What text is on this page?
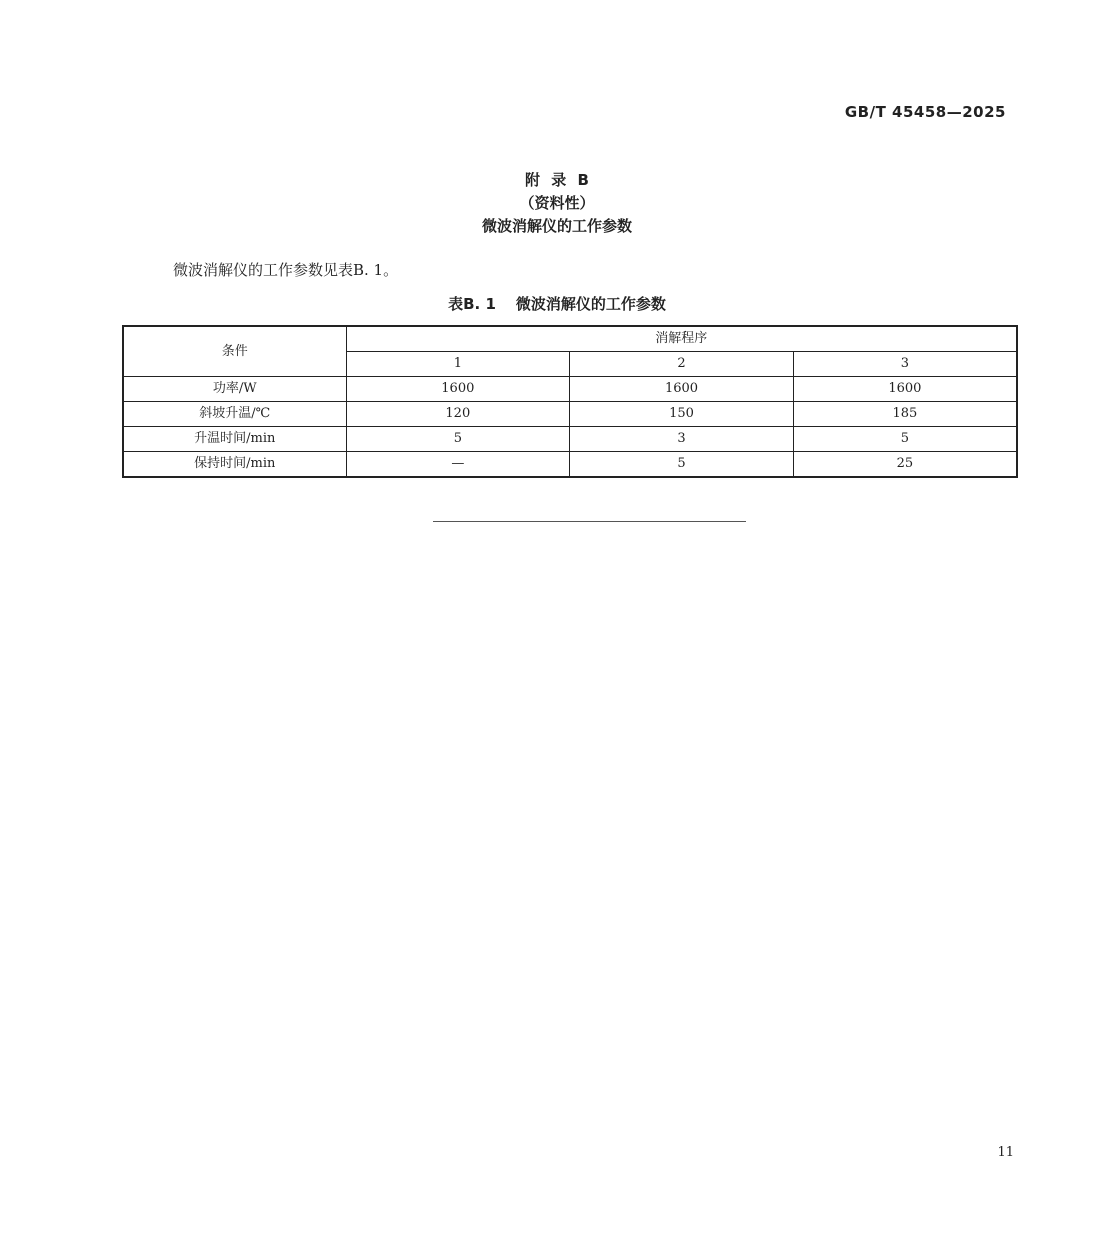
GB/T 45458—2025
附 录 B
（资料性）
微波消解仪的工作参数
微波消解仪的工作参数见表B. 1。
表B. 1 微波消解仪的工作参数
条件	消解程序		
	1	2	3
功率/W	1600	1600	1600
斜坡升温/℃	120	150	185
升温时间/min	5	3	5
保持时间/min	—	5	25
11
